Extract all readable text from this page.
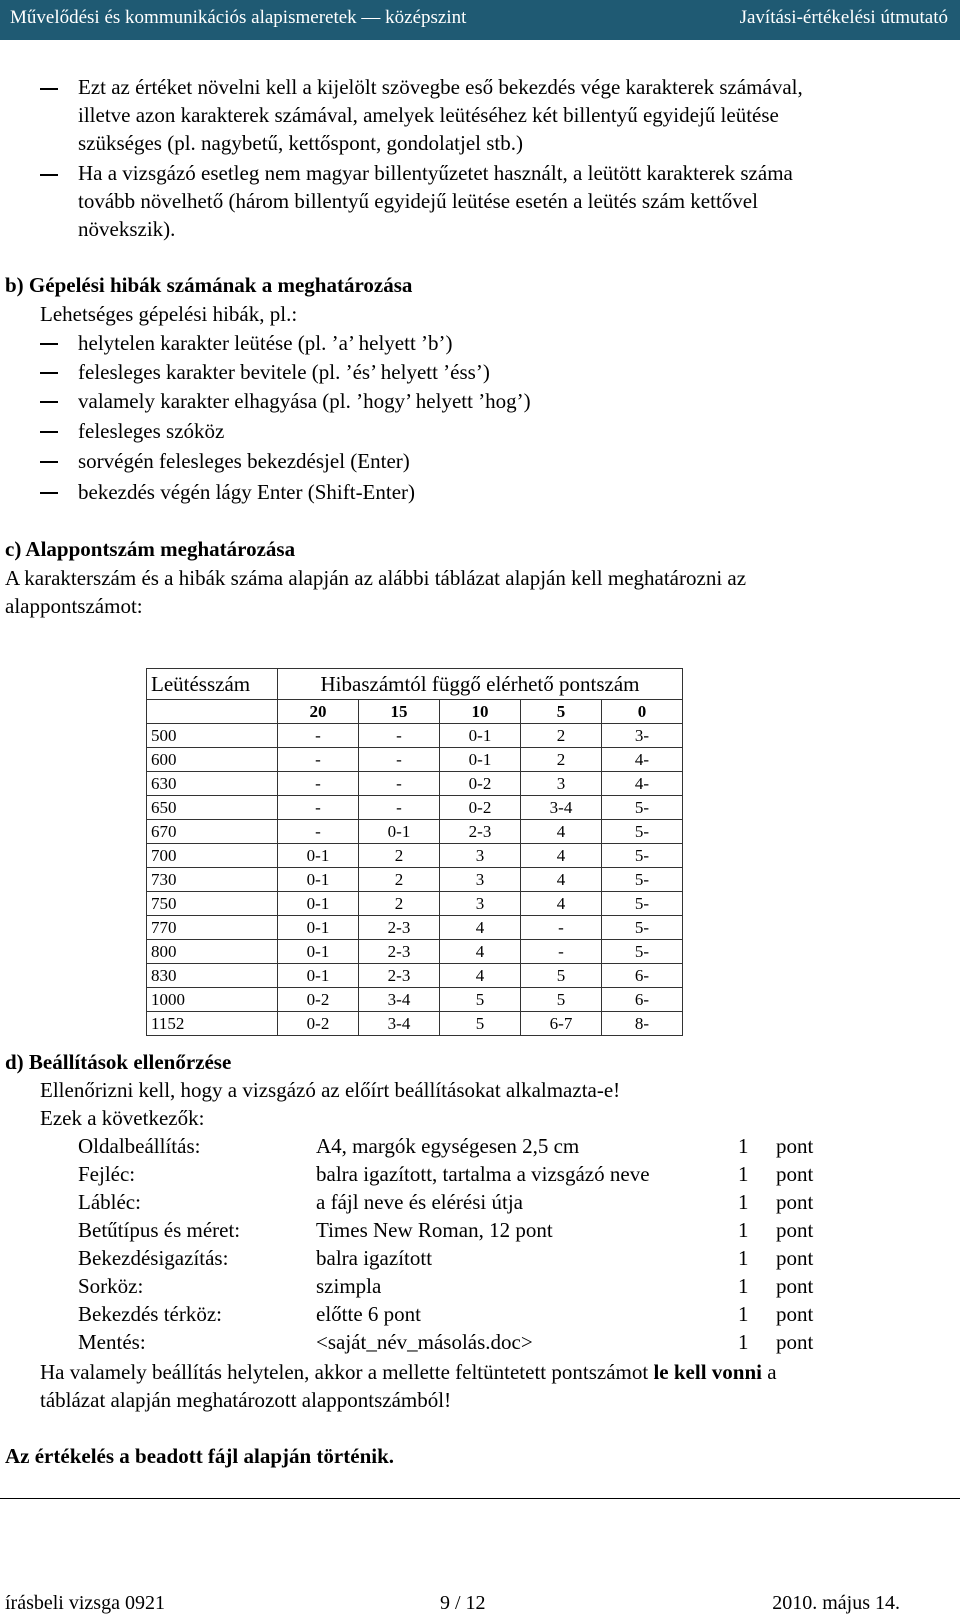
Művelődési és kommunikációs alapismeretek — középszint	Javítási-értékelési útmutató
Ezt az értéket növelni kell a kijelölt szövegbe eső bekezdés vége karakterek számával,
illetve azon karakterek számával, amelyek leütéséhez két billentyű egyidejű leütése
szükséges (pl. nagybetű, kettőspont, gondolatjel stb.)
Ha a vizsgázó esetleg nem magyar billentyűzetet használt, a leütött karakterek száma
tovább növelhető (három billentyű egyidejű leütése esetén a leütés szám kettővel
növekszik).
b) Gépelési hibák számának a meghatározása
Lehetséges gépelési hibák, pl.:
helytelen karakter leütése (pl. ’a’ helyett ’b’)
felesleges karakter bevitele (pl. ’és’ helyett ’éss’)
valamely karakter elhagyása (pl. ’hogy’ helyett ’hog’)
felesleges szóköz
sorvégén felesleges bekezdésjel (Enter)
bekezdés végén lágy Enter (Shift-Enter)
c) Alappontszám meghatározása
A karakterszám és a hibák száma alapján az alábbi táblázat alapján kell meghatározni az
alappontszámot:
Leütésszám	Hibaszámtól függő elérhető pontszám				
	20	15	10	5	0
500	-	-	0-1	2	3-
600	-	-	0-1	2	4-
630	-	-	0-2	3	4-
650	-	-	0-2	3-4	5-
670	-	0-1	2-3	4	5-
700	0-1	2	3	4	5-
730	0-1	2	3	4	5-
750	0-1	2	3	4	5-
770	0-1	2-3	4	-	5-
800	0-1	2-3	4	-	5-
830	0-1	2-3	4	5	6-
1000	0-2	3-4	5	5	6-
1152	0-2	3-4	5	6-7	8-
d) Beállítások ellenőrzése
Ellenőrizni kell, hogy a vizsgázó az előírt beállításokat alkalmazta-e!
Ezek a következők:
Oldalbeállítás:	A4, margók egységesen 2,5 cm	1 pont
Fejléc:	balra igazított, tartalma a vizsgázó neve	1 pont
Lábléc:	a fájl neve és elérési útja	1 pont
Betűtípus és méret:	Times New Roman, 12 pont	1 pont
Bekezdésigazítás:	balra igazított	1 pont
Sorköz:	szimpla	1 pont
Bekezdés térköz:	előtte 6 pont	1 pont
Mentés:	<saját_név_másolás.doc>	1 pont
Ha valamely beállítás helytelen, akkor a mellette feltüntetett pontszámot le kell vonni a
táblázat alapján meghatározott alappontszámból!
Az értékelés a beadott fájl alapján történik.
írásbeli vizsga 0921	9 / 12	2010. május 14.
